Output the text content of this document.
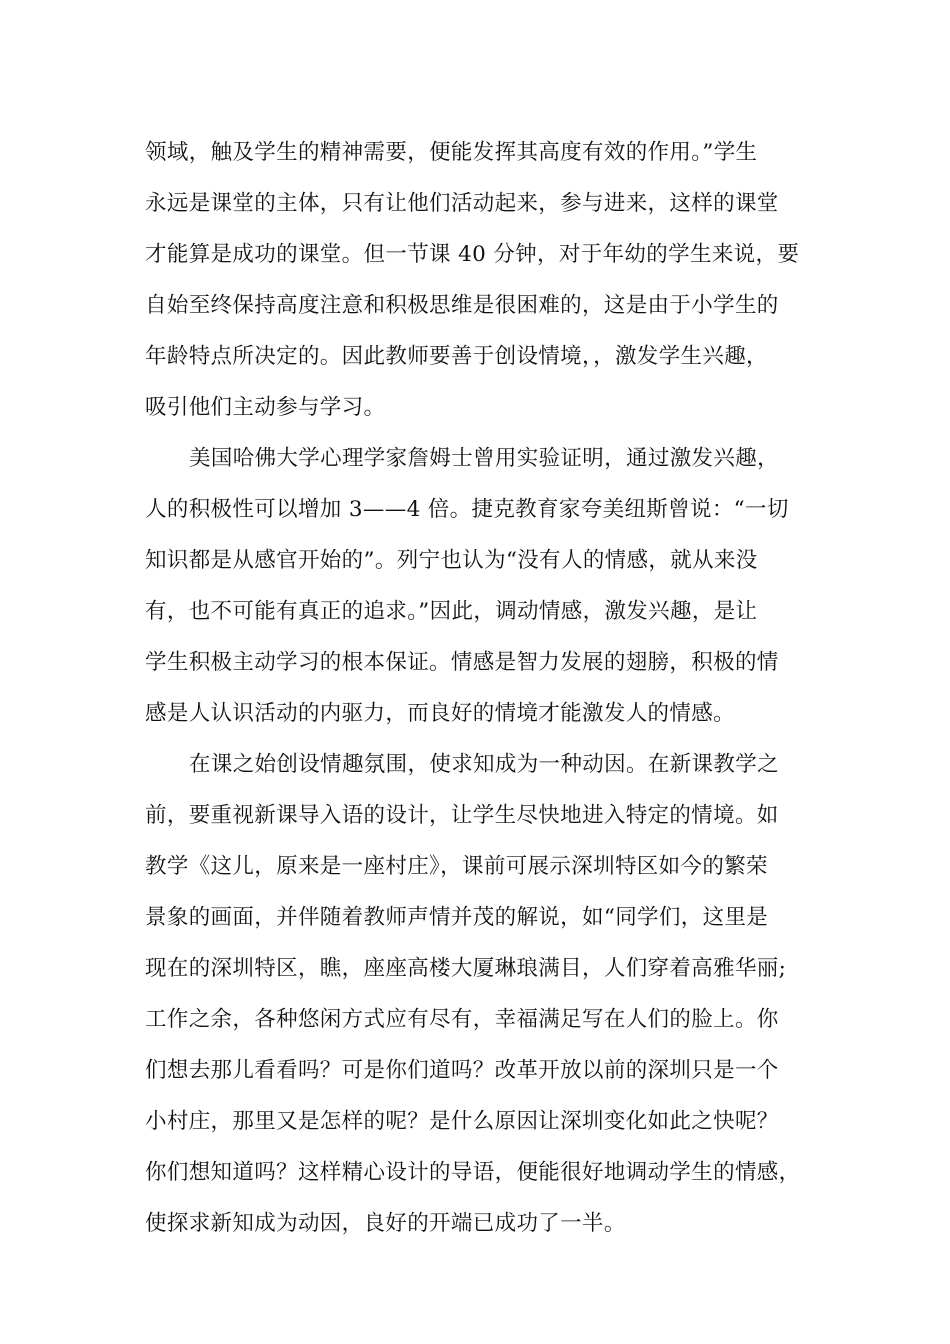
领域，触及学生的精神需要，便能发挥其高度有效的作用。”学生
永远是课堂的主体，只有让他们活动起来，参与进来，这样的课堂
才能算是成功的课堂。但一节课 40 分钟，对于年幼的学生来说，要
自始至终保持高度注意和积极思维是很困难的，这是由于小学生的
年龄特点所决定的。因此教师要善于创设情境，，激发学生兴趣，
吸引他们主动参与学习。
美国哈佛大学心理学家詹姆士曾用实验证明，通过激发兴趣，
人的积极性可以增加 3——4 倍。捷克教育家夸美纽斯曾说：“一切
知识都是从感官开始的”。列宁也认为“没有人的情感，就从来没
有，也不可能有真正的追求。”因此，调动情感，激发兴趣，是让
学生积极主动学习的根本保证。情感是智力发展的翅膀，积极的情
感是人认识活动的内驱力，而良好的情境才能激发人的情感。
在课之始创设情趣氛围，使求知成为一种动因。在新课教学之
前，要重视新课导入语的设计，让学生尽快地进入特定的情境。如
教学《这儿，原来是一座村庄》，课前可展示深圳特区如今的繁荣
景象的画面，并伴随着教师声情并茂的解说，如“同学们，这里是
现在的深圳特区，瞧，座座高楼大厦琳琅满目，人们穿着高雅华丽;
工作之余，各种悠闲方式应有尽有，幸福满足写在人们的脸上。你
们想去那儿看看吗？可是你们道吗？改革开放以前的深圳只是一个
小村庄，那里又是怎样的呢？是什么原因让深圳变化如此之快呢？
你们想知道吗？这样精心设计的导语，便能很好地调动学生的情感，
使探求新知成为动因，良好的开端已成功了一半。
